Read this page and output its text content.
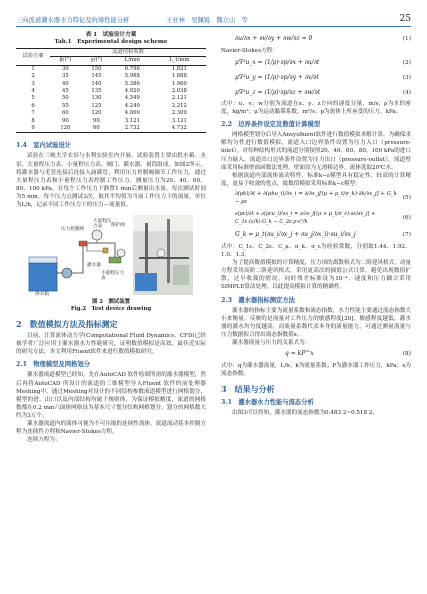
三向流道灌水器水力特征及抗堵性能分析	王亚林　吴佩锐　魏立山　等	25
表 1　试验设计方案
Tab.1　Experimental design scheme
试验方案	流道结构参数			
	β/(°)	γ/(°)	L/mm	L_t/mm
1	30	150	6.796	1.821
2	35	145	5.988	1.888
3	40	140	5.386	1.960
4	45	135	4.920	2.038
5	50	130	4.549	2.121
6	55	125	4.249	2.212
7	60	120	4.000	2.309
8	90	90	3.121	3.121
9	120	60	2.732	4.732
1.4　室内试验设计

试验在三峡大学农田与水利实验室内开展。试验装置主要由供水箱、水泵、大量程压力表、小量程压力表、阀门、灌水器、量筒组成。如图2所示，将灌水器与毛管连接后连接入滴灌管，利用压力控制阀调节工作压力，通过大量程压力表和小量程压力表控制工作压力，测量压力为20、40、60、80、100 kPa，在每个工作压力下静置1 min后测量出水量，每次测试时间为5 min，每个压力点测试3次，取其平均值为当前工作压力下的流量，单位为L/h，记录不同工作压力下的压力—流量值。

压力控制阀
灌水器
大量程压力表	保护阀
小量程压力表
供水箱
图 2　测试装置
Fig.2　Test device drawing
2　数值模拟方法及指标测定

目前，计算流体动力学(Computational Fluid Dynamics，CFD)已经被学者广泛应用于灌水器水力性能研究，证明数值模拟是高效、最佳近实际的研究方法，本文利用Fluent软件来进行数值模拟研究。

2.1　物理模型及网格划分

灌水器流道模型已经知，先在AutoCAD 软件绘制所需的灌水器模型，然后再将AutoCAD 所设计的流道的三维模型导入Fluent 软件的前处理器Meshing中，通过Meshing对设计的不同结构参数流道模型进行网格划分，模型的进、出口以及内部结构均属于规则体，为保证模拟精度，流道的网格数都在0.2 mm六面体网格设为基本尺寸划分结构网格划分，划分的网格数大约为3万个。

灌水器流道内的流体可视为不可压缩的连续性流体，流道流动基本控制方程为连续性方程和Navier-Stokes方程。

连续方程为：

∂u/∂x + ∂v/∂y + ∂w/∂z = 0	(1)

Navier-Stokes方程：

μ∇²u_x = (1/ρ)·∂p/∂x + ∂u/∂t	(2)
μ∇²u_y = (1/ρ)·∂p/∂y + ∂v/∂t	(3)
μ∇²u_z = (1/ρ)·∂p/∂z + ∂w/∂t	(4)

式中：u、v、w分别为流道在x、y、z方向的速度分量，m/s；ρ为水的密度，kg/m³；μ为运动黏滞系数，m²/s；p为流体上所承受的压力，kPa。

2.2　边界条件设定及数值计算模型

网格模型划分后导入Ansysfluent软件进行数值模拟求解计算，为确保求解均匀性进行数值模拟，流道入口边界条件设置为压力入口（pressure-inlet），对每种结构形式的流道分别按照20、40、60、80、100 kPa的进口压力输入，流道出口边界条件设置为压力出口（pressure-outlet），流道壁面采用标准壁面函数法处理，壁面设为无滑移边界，流体选取20℃水。

根据流道内部流体流动特性，标准k−ε模型具有稳定性、较高的计算精度，更易于收敛的优点，故数值模拟采用标准k−ε模型：

∂(ρk)/∂t + ∂(ρku_i)/∂x_i = ∂/∂x_j[(μ + μ_t/σ_k)·∂k/∂x_j] + G_k − ρε
(5)
∂(ρε)/∂t + ∂(ρεu_i)/∂x_i = ∂/∂x_j[(μ + μ_t/σ_ε)·∂ε/∂x_j] + C_1ε·(ε/k)·G_k − C_2ε·ρ·ε²/k
(6)
G_k = μ_t(∂u_i/∂x_j + ∂u_j/∂x_i)·∂u_i/∂x_j	(7)

式中：C_1ε、C_2ε、C_μ、σ_k、σ_ε为经验常数，分别取1.44、1.92、1.0、1.3。

为了提高数值模拟的计算精度，压力项的离散格式为二阶迎风格式，动量方程采用高阶二阶迎风格式，采用更高次的插值公式计算，避免出现数值扩散，过早收敛的情况，同时残差标准设为10⁻⁴，速度和压力耦合采用SIMPLE算法处理，以此提高模拟计算的精确性。

2.3　灌水器指标测定方法

灌水器的指标主要为流量系数和流态指数，水力性能主要通过流态指数大小来衡量，反映的是流量对工作压力的敏感程度[20]，敏感程度越低，灌水器的灌水均匀度越高，而流量系数代表本身的流量能力，可通过测量流量与压力数据拟合得出流态指数值x。

灌水器流量与压力的关系式为：

q = kP^x	(8)

式中：q为灌水器流量，L/h；k为流量系数；P为灌水器工作压力，kPa；x为流态指数。

3　结果与分析
3.1　灌水器水力性能与流态分析

由图3可以得知，灌水器的流态指数为0.483 2~0.518 2，
